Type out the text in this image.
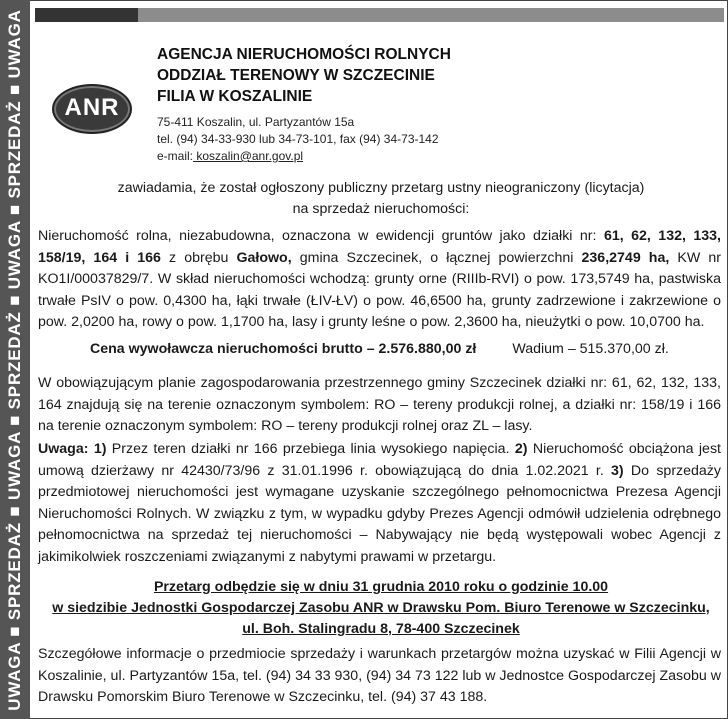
UWAGA ■ SPRZEDAŻ ■ UWAGA ■ SPRZEDAŻ ■ UWAGA ■ SPRZEDAŻ ■ UWAGA	ANR
AGENCJA NIERUCHOMOŚCI ROLNYCH
ODDZIAŁ TERENOWY W SZCZECINIE
FILIA W KOSZALINIE
75-411 Koszalin, ul. Partyzantów 15a
tel. (94) 34-33-930 lub 34-73-101, fax (94) 34-73-142
e-mail: koszalin@anr.gov.pl
zawiadamia, że został ogłoszony publiczny przetarg ustny nieograniczony (licytacja)
na sprzedaż nieruchomości:
Nieruchomość rolna, niezabudowna, oznaczona w ewidencji gruntów jako działki nr: 61, 62, 132, 133, 158/19, 164 i 166 z obrębu Gałowo, gmina Szczecinek, o łącznej powierzchni 236,2749 ha, KW nr KO1I/00037829/7. W skład nieruchomości wchodzą: grunty orne (RIIIb-RVI) o pow. 173,5749 ha, pastwiska trwałe PsIV o pow. 0,4300 ha, łąki trwałe (ŁIV-ŁV) o pow. 46,6500 ha, grunty zadrzewione i zakrzewione o pow. 2,0200 ha, rowy o pow. 1,1700 ha, lasy i grunty leśne o pow. 2,3600 ha, nieużytki o pow. 10,0700 ha.
Cena wywoławcza nieruchomości brutto – 2.576.880,00 zł	Wadium – 515.370,00 zł.
W obowiązującym planie zagospodarowania przestrzennego gminy Szczecinek działki nr: 61, 62, 132, 133, 164 znajdują się na terenie oznaczonym symbolem: RO – tereny produkcji rolnej, a działki nr: 158/19 i 166 na terenie oznaczonym symbolem: RO – tereny produkcji rolnej oraz ZL – lasy.
Uwaga: 1) Przez teren działki nr 166 przebiega linia wysokiego napięcia. 2) Nieruchomość obciążona jest umową dzierżawy nr 42430/73/96 z 31.01.1996 r. obowiązującą do dnia 1.02.2021 r. 3) Do sprzedaży przedmiotowej nieruchomości jest wymagane uzyskanie szczególnego pełnomocnictwa Prezesa Agencji Nieruchomości Rolnych. W związku z tym, w wypadku gdyby Prezes Agencji odmówił udzielenia odrębnego pełnomocnictwa na sprzedaż tej nieruchomości – Nabywający nie będą występowali wobec Agencji z jakimikolwiek roszczeniami związanymi z nabytymi prawami w przetargu.
Przetarg odbędzie się w dniu 31 grudnia 2010 roku o godzinie 10.00
w siedzibie Jednostki Gospodarczej Zasobu ANR w Drawsku Pom. Biuro Terenowe w Szczecinku,
ul. Boh. Stalingradu 8, 78-400 Szczecinek
Szczegółowe informacje o przedmiocie sprzedaży i warunkach przetargów można uzyskać w Filii Agencji w Koszalinie, ul. Partyzantów 15a, tel. (94) 34 33 930, (94) 34 73 122 lub w Jednostce Gospodarczej Zasobu w Drawsku Pomorskim Biuro Terenowe w Szczecinku, tel. (94) 37 43 188.
